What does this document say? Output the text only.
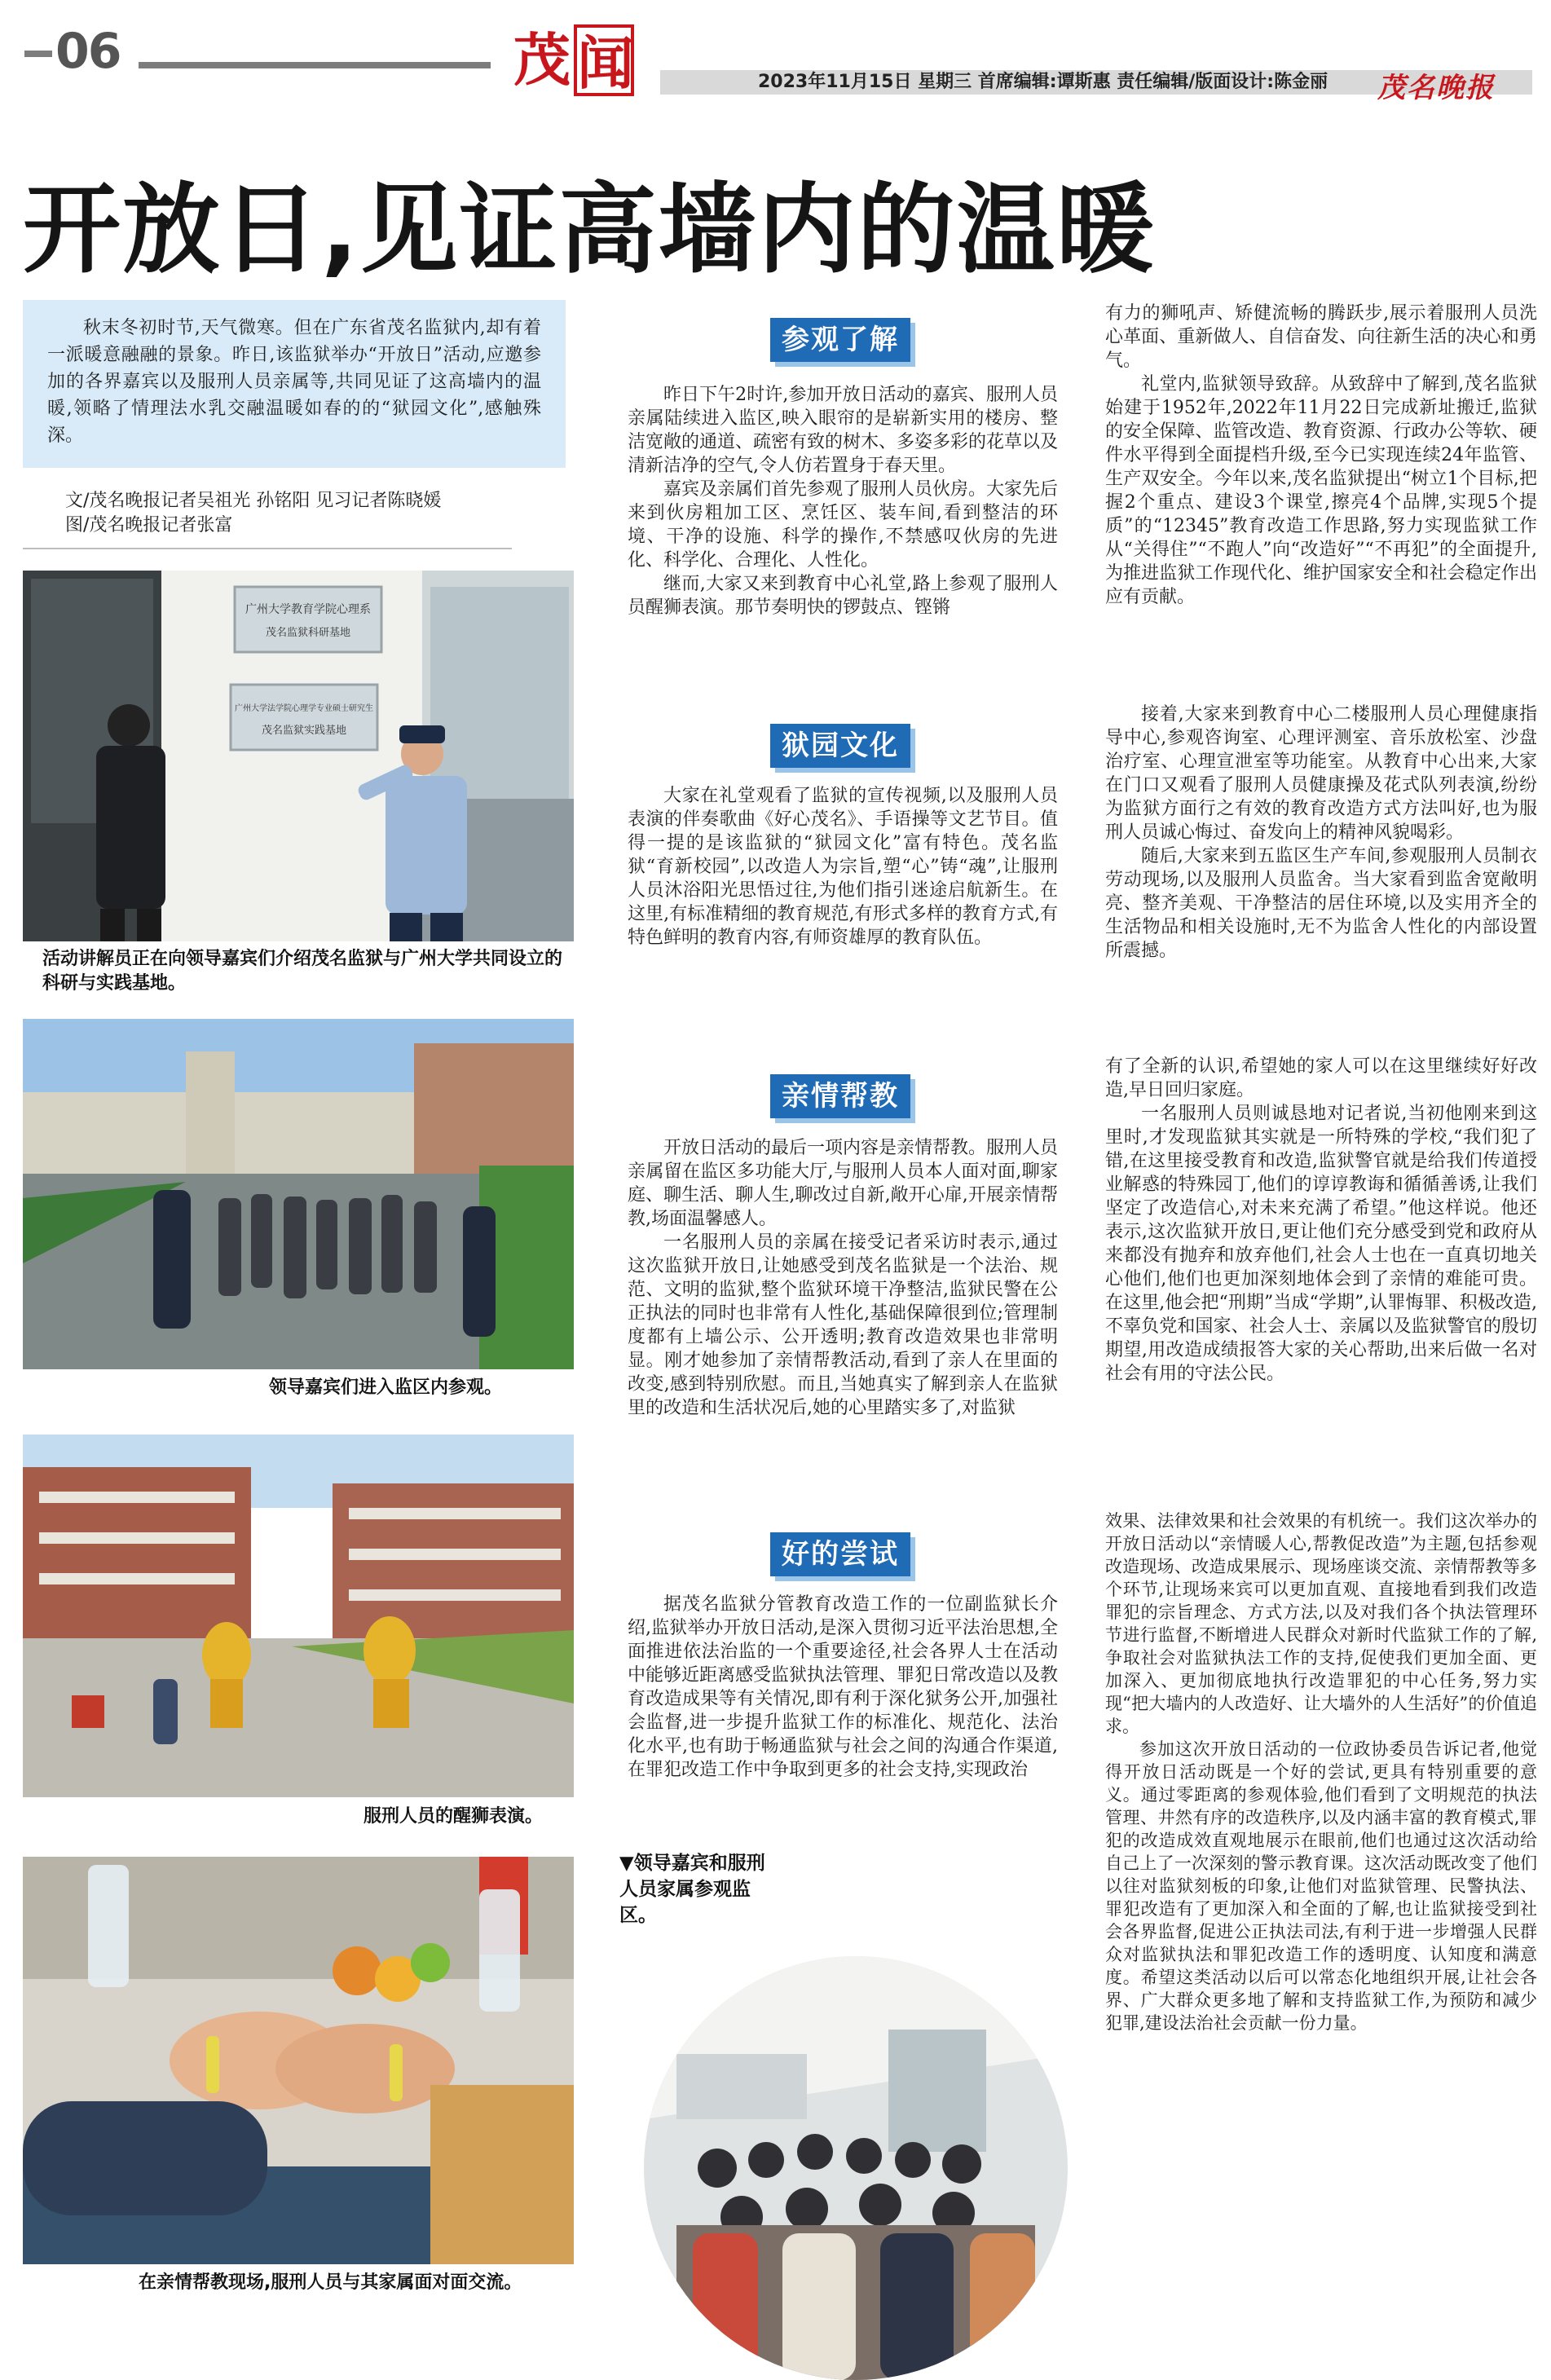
06	茂 闻	2023年11月15日 星期三 首席编辑:谭斯惠 责任编辑/版面设计:陈金丽	茂名晚报
开放日,见证高墙内的温暖
秋末冬初时节,天气微寒。但在广东省茂名监狱内,却有着一派暖意融融的景象。昨日,该监狱举办“开放日”活动,应邀参加的各界嘉宾以及服刑人员亲属等,共同见证了这高墙内的温暖,领略了情理法水乳交融温暖如春的的“狱园文化”,感触殊深。
文/茂名晚报记者吴祖光 孙铭阳 见习记者陈晓媛
图/茂名晚报记者张富
广州大学教育学院心理系
茂名监狱科研基地
广州大学法学院心理学专业硕士研究生
茂名监狱实践基地
活动讲解员正在向领导嘉宾们介绍茂名监狱与广州大学共同设立的科研与实践基地。
领导嘉宾们进入监区内参观。
服刑人员的醒狮表演。
在亲情帮教现场,服刑人员与其家属面对面交流。
参观了解

昨日下午2时许,参加开放日活动的嘉宾、服刑人员亲属陆续进入监区,映入眼帘的是崭新实用的楼房、整洁宽敞的通道、疏密有致的树木、多姿多彩的花草以及清新洁净的空气,令人仿若置身于春天里。

嘉宾及亲属们首先参观了服刑人员伙房。大家先后来到伙房粗加工区、烹饪区、装车间,看到整洁的环境、干净的设施、科学的操作,不禁感叹伙房的先进化、科学化、合理化、人性化。

继而,大家又来到教育中心礼堂,路上参观了服刑人员醒狮表演。那节奏明快的锣鼓点、铿锵

有力的狮吼声、矫健流畅的腾跃步,展示着服刑人员洗心革面、重新做人、自信奋发、向往新生活的决心和勇气。

礼堂内,监狱领导致辞。从致辞中了解到,茂名监狱始建于1952年,2022年11月22日完成新址搬迁,监狱的安全保障、监管改造、教育资源、行政办公等软、硬件水平得到全面提档升级,至今已实现连续24年监管、生产双安全。今年以来,茂名监狱提出“树立1个目标,把握2个重点、建设3个课堂,擦亮4个品牌,实现5个提质”的“12345”教育改造工作思路,努力实现监狱工作从“关得住”“不跑人”向“改造好”“不再犯”的全面提升,为推进监狱工作现代化、维护国家安全和社会稳定作出应有贡献。

狱园文化

大家在礼堂观看了监狱的宣传视频,以及服刑人员表演的伴奏歌曲《好心茂名》、手语操等文艺节目。值得一提的是该监狱的“狱园文化”富有特色。茂名监狱“育新校园”,以改造人为宗旨,塑“心”铸“魂”,让服刑人员沐浴阳光思悟过往,为他们指引迷途启航新生。在这里,有标准精细的教育规范,有形式多样的教育方式,有特色鲜明的教育内容,有师资雄厚的教育队伍。

接着,大家来到教育中心二楼服刑人员心理健康指导中心,参观咨询室、心理评测室、音乐放松室、沙盘治疗室、心理宣泄室等功能室。从教育中心出来,大家在门口又观看了服刑人员健康操及花式队列表演,纷纷为监狱方面行之有效的教育改造方式方法叫好,也为服刑人员诚心悔过、奋发向上的精神风貌喝彩。

随后,大家来到五监区生产车间,参观服刑人员制衣劳动现场,以及服刑人员监舍。当大家看到监舍宽敞明亮、整齐美观、干净整洁的居住环境,以及实用齐全的生活物品和相关设施时,无不为监舍人性化的内部设置所震撼。

亲情帮教

开放日活动的最后一项内容是亲情帮教。服刑人员亲属留在监区多功能大厅,与服刑人员本人面对面,聊家庭、聊生活、聊人生,聊改过自新,敞开心扉,开展亲情帮教,场面温馨感人。

一名服刑人员的亲属在接受记者采访时表示,通过这次监狱开放日,让她感受到茂名监狱是一个法治、规范、文明的监狱,整个监狱环境干净整洁,监狱民警在公正执法的同时也非常有人性化,基础保障很到位;管理制度都有上墙公示、公开透明;教育改造效果也非常明显。刚才她参加了亲情帮教活动,看到了亲人在里面的改变,感到特别欣慰。而且,当她真实了解到亲人在监狱里的改造和生活状况后,她的心里踏实多了,对监狱

有了全新的认识,希望她的家人可以在这里继续好好改造,早日回归家庭。

一名服刑人员则诚恳地对记者说,当初他刚来到这里时,才发现监狱其实就是一所特殊的学校,“我们犯了错,在这里接受教育和改造,监狱警官就是给我们传道授业解惑的特殊园丁,他们的谆谆教诲和循循善诱,让我们坚定了改造信心,对未来充满了希望。”他这样说。他还表示,这次监狱开放日,更让他们充分感受到党和政府从来都没有抛弃和放弃他们,社会人士也在一直真切地关心他们,他们也更加深刻地体会到了亲情的难能可贵。在这里,他会把“刑期”当成“学期”,认罪悔罪、积极改造,不辜负党和国家、社会人士、亲属以及监狱警官的殷切期望,用改造成绩报答大家的关心帮助,出来后做一名对社会有用的守法公民。

好的尝试

据茂名监狱分管教育改造工作的一位副监狱长介绍,监狱举办开放日活动,是深入贯彻习近平法治思想,全面推进依法治监的一个重要途径,社会各界人士在活动中能够近距离感受监狱执法管理、罪犯日常改造以及教育改造成果等有关情况,即有利于深化狱务公开,加强社会监督,进一步提升监狱工作的标准化、规范化、法治化水平,也有助于畅通监狱与社会之间的沟通合作渠道,在罪犯改造工作中争取到更多的社会支持,实现政治

效果、法律效果和社会效果的有机统一。我们这次举办的开放日活动以“亲情暖人心,帮教促改造”为主题,包括参观改造现场、改造成果展示、现场座谈交流、亲情帮教等多个环节,让现场来宾可以更加直观、直接地看到我们改造罪犯的宗旨理念、方式方法,以及对我们各个执法管理环节进行监督,不断增进人民群众对新时代监狱工作的了解,争取社会对监狱执法工作的支持,促使我们更加全面、更加深入、更加彻底地执行改造罪犯的中心任务,努力实现“把大墙内的人改造好、让大墙外的人生活好”的价值追求。

参加这次开放日活动的一位政协委员告诉记者,他觉得开放日活动既是一个好的尝试,更具有特别重要的意义。通过零距离的参观体验,他们看到了文明规范的执法管理、井然有序的改造秩序,以及内涵丰富的教育模式,罪犯的改造成效直观地展示在眼前,他们也通过这次活动给自己上了一次深刻的警示教育课。这次活动既改变了他们以往对监狱刻板的印象,让他们对监狱管理、民警执法、罪犯改造有了更加深入和全面的了解,也让监狱接受到社会各界监督,促进公正执法司法,有利于进一步增强人民群众对监狱执法和罪犯改造工作的透明度、认知度和满意度。希望这类活动以后可以常态化地组织开展,让社会各界、广大群众更多地了解和支持监狱工作,为预防和减少犯罪,建设法治社会贡献一份力量。

▼领导嘉宾和服刑人员家属参观监区。
